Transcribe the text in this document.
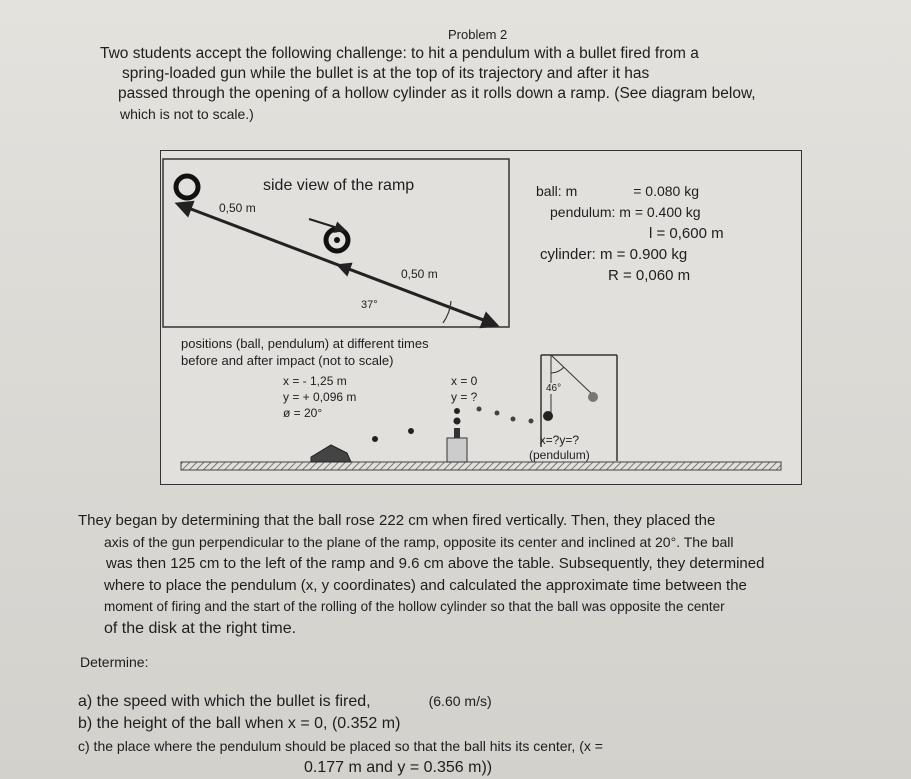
Problem 2
Two students accept the following challenge: to hit a pendulum with a bullet fired from a
spring-loaded gun while the bullet is at the top of its trajectory and after it has
passed through the opening of a hollow cylinder as it rolls down a ramp. (See diagram below,
which is not to scale.)
side view of the ramp
0,50 m
0,50 m
37°
ball: m	= 0.080 kg
pendulum: m = 0.400 kg
l = 0,600 m
cylinder: m = 0.900 kg
R = 0,060 m
positions (ball, pendulum) at different times
before and after impact (not to scale)
x = - 1,25 m
y = + 0,096 m
ø = 20°
x = 0
y = ?
46°
x=?y=?
(pendulum)
They began by determining that the ball rose 222 cm when fired vertically. Then, they placed the
axis of the gun perpendicular to the plane of the ramp, opposite its center and inclined at 20°. The ball
was then 125 cm to the left of the ramp and 9.6 cm above the table. Subsequently, they determined
where to place the pendulum (x, y coordinates) and calculated the approximate time between the
moment of firing and the start of the rolling of the hollow cylinder so that the ball was opposite the center
of the disk at the right time.
Determine:
a) the speed with which the bullet is fired,	(6.60 m/s)
b) the height of the ball when x = 0, (0.352 m)
c) the place where the pendulum should be placed so that the ball hits its center, (x =
0.177 m and y = 0.356 m))
